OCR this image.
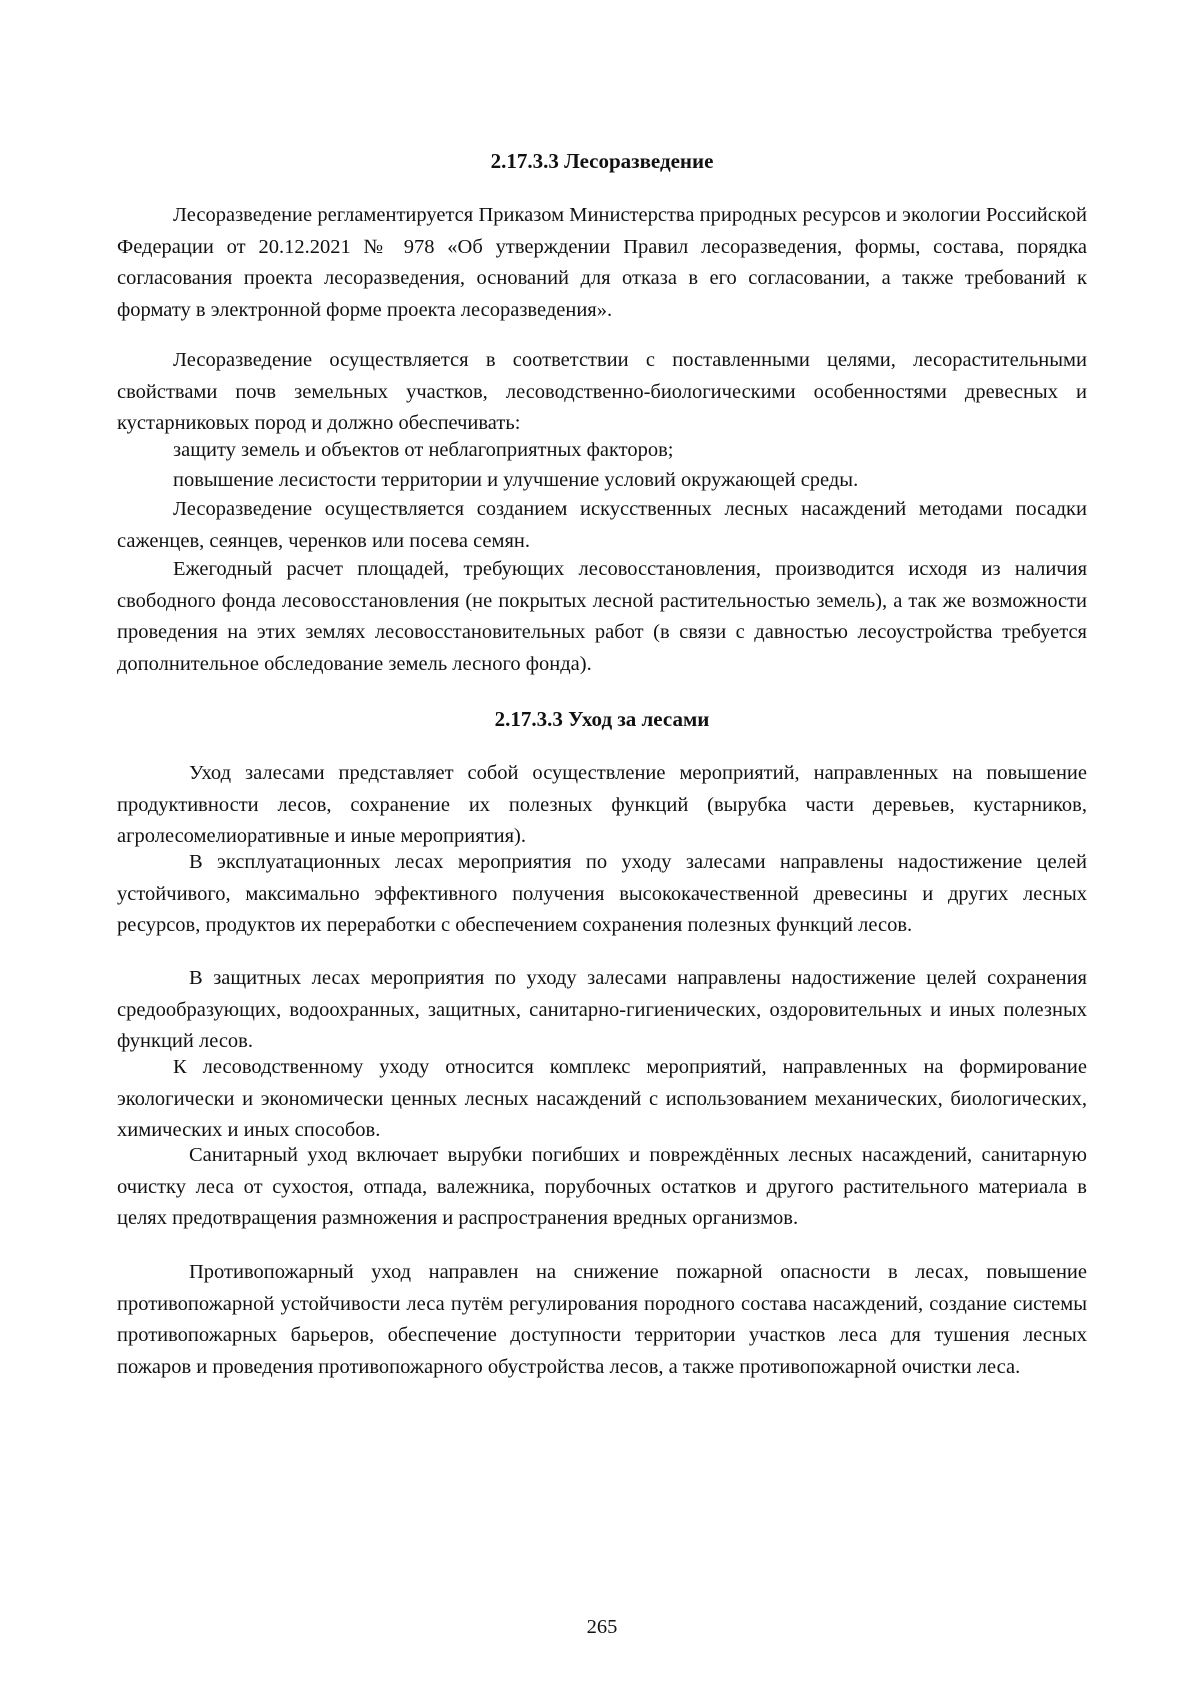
2.17.3.3 Лесоразведение

Лесоразведение регламентируется Приказом Министерства природных ресурсов и экологии Российской Федерации от 20.12.2021 № 978 «Об утверждении Правил лесоразведения, формы, состава, порядка согласования проекта лесоразведения, оснований для отказа в его согласовании, а также требований к формату в электронной форме проекта лесоразведения».

Лесоразведение осуществляется в соответствии с поставленными целями, лесорастительными свойствами почв земельных участков, лесоводственно-биологическими особенностями древесных и кустарниковых пород и должно обеспечивать:

защиту земель и объектов от неблагоприятных факторов;

повышение лесистости территории и улучшение условий окружающей среды.

Лесоразведение осуществляется созданием искусственных лесных насаждений методами посадки саженцев, сеянцев, черенков или посева семян.

Ежегодный расчет площадей, требующих лесовосстановления, производится исходя из наличия свободного фонда лесовосстановления (не покрытых лесной растительностью земель), а так же возможности проведения на этих землях лесовосстановительных работ (в связи с давностью лесоустройства требуется дополнительное обследование земель лесного фонда).

2.17.3.3 Уход за лесами

Уход залесами представляет собой осуществление мероприятий, направленных на повышение продуктивности лесов, сохранение их полезных функций (вырубка части деревьев, кустарников, агролесомелиоративные и иные мероприятия).

В эксплуатационных лесах мероприятия по уходу залесами направлены надостижение целей устойчивого, максимально эффективного получения высококачественной древесины и других лесных ресурсов, продуктов их переработки с обеспечением сохранения полезных функций лесов.

В защитных лесах мероприятия по уходу залесами направлены надостижение целей сохранения средообразующих, водоохранных, защитных, санитарно-гигиенических, оздоровительных и иных полезных функций лесов.

К лесоводственному уходу относится комплекс мероприятий, направленных на формирование экологически и экономически ценных лесных насаждений с использованием механических, биологических, химических и иных способов.

Санитарный уход включает вырубки погибших и повреждённых лесных насаждений, санитарную очистку леса от сухостоя, отпада, валежника, порубочных остатков и другого растительного материала в целях предотвращения размножения и распространения вредных организмов.

Противопожарный уход направлен на снижение пожарной опасности в лесах, повышение противопожарной устойчивости леса путём регулирования породного состава насаждений, создание системы противопожарных барьеров, обеспечение доступности территории участков леса для тушения лесных пожаров и проведения противопожарного обустройства лесов, а также противопожарной очистки леса.

265
